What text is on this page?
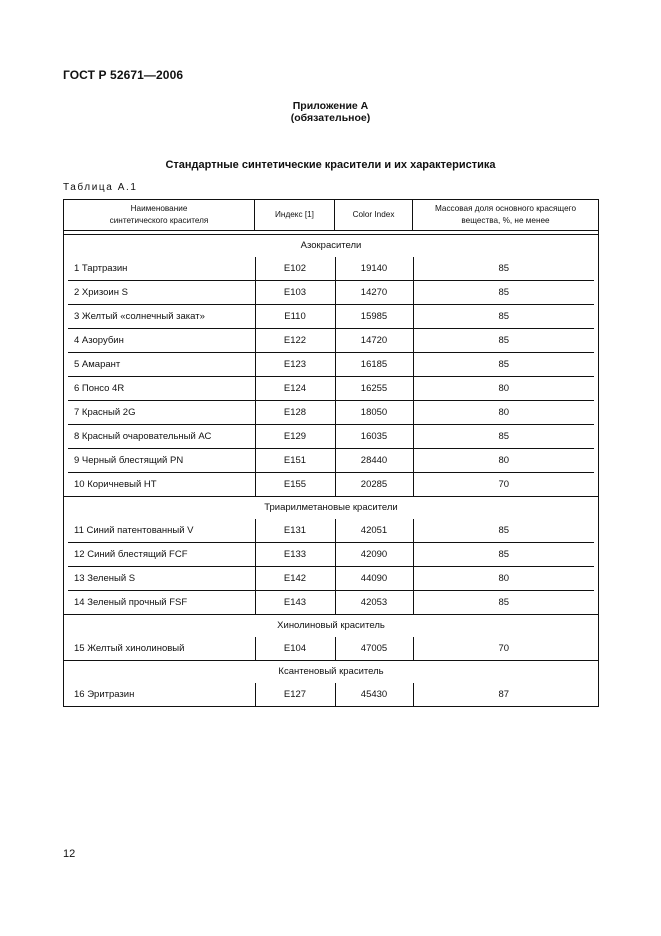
ГОСТ Р 52671—2006
Приложение А
(обязательное)
Стандартные синтетические красители и их характеристика
Таблица А.1
Наименование
синтетического красителя	Индекс [1]	Color Index	Массовая доля основного красящего
вещества, %, не менее

Азокрасители			

1 Тартразин	Е102	19140	85

2 Хризоин S	Е103	14270	85

3 Желтый «солнечный закат»	Е110	15985	85

4 Азорубин	Е122	14720	85

5 Амарант	Е123	16185	85

6 Понсо 4R	Е124	16255	80

7 Красный 2G	Е128	18050	80

8 Красный очаровательный АС	Е129	16035	85

9 Черный блестящий PN	Е151	28440	80

10 Коричневый НТ	Е155	20285	70

Триарилметановые красители			

11 Синий патентованный V	Е131	42051	85

12 Синий блестящий FCF	Е133	42090	85

13 Зеленый S	Е142	44090	80

14 Зеленый прочный FSF	Е143	42053	85

Хинолиновый краситель			

15 Желтый хинолиновый	Е104	47005	70

Ксантеновый краситель			

16 Эритразин	Е127	45430	87
12
